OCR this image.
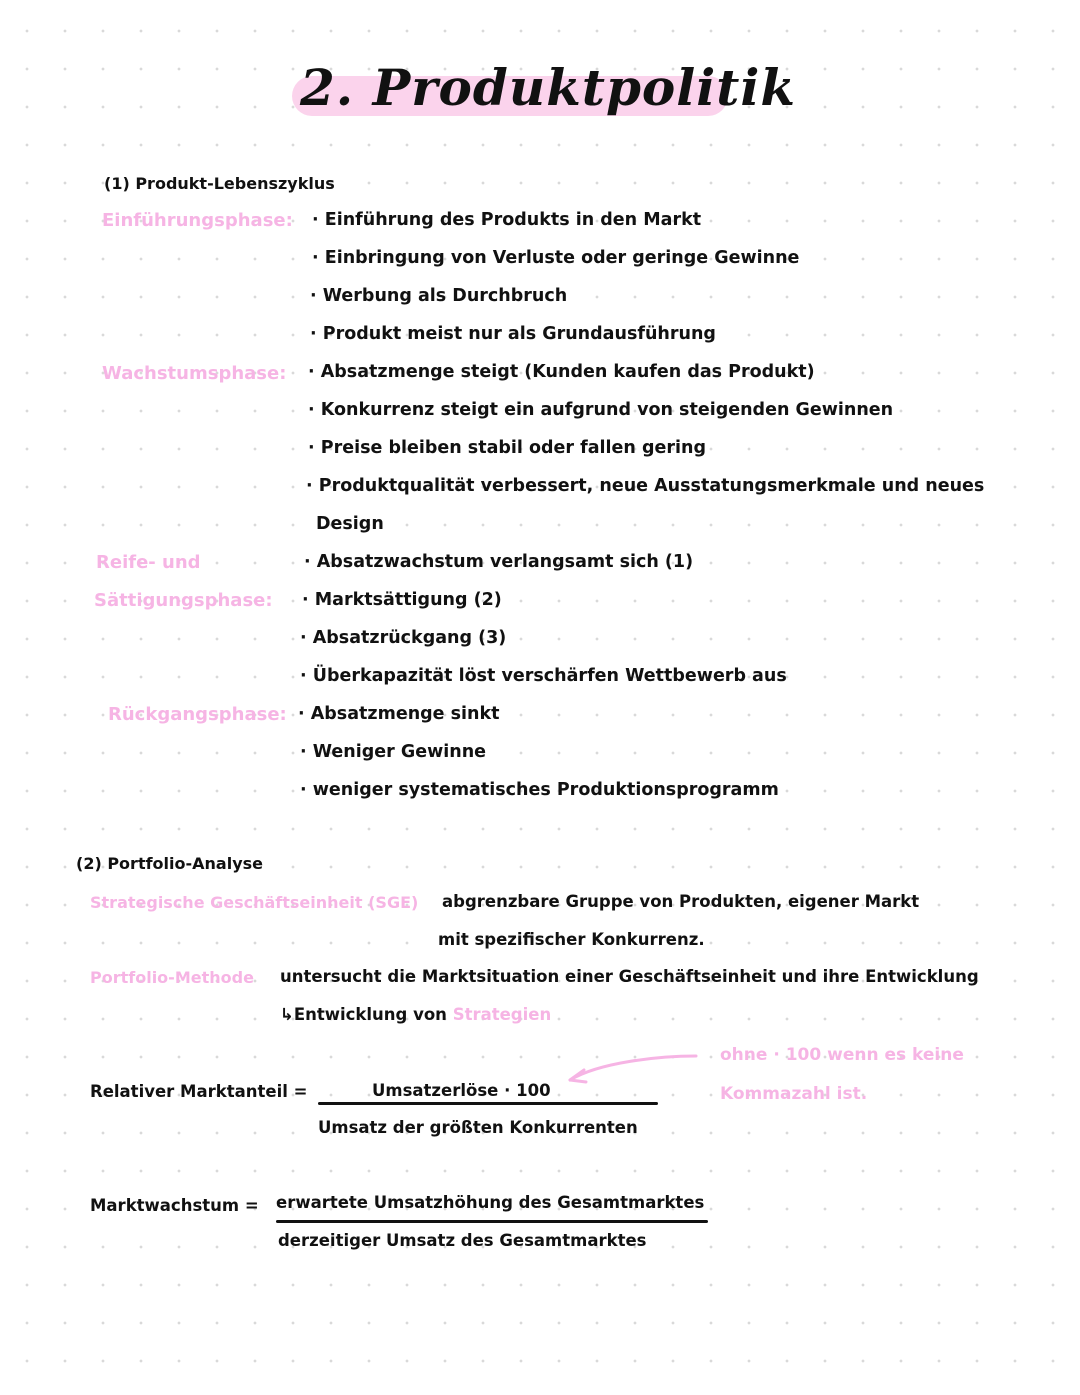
2. Produktpolitik
(1) Produkt-Lebenszyklus
Einführungsphase: · Einführung des Produkts in den Markt
· Einbringung von Verluste oder geringe Gewinne
· Werbung als Durchbruch
· Produkt meist nur als Grundausführung
Wachstumsphase: · Absatzmenge steigt (Kunden kaufen das Produkt)
· Konkurrenz steigt ein aufgrund von steigenden Gewinnen
· Preise bleiben stabil oder fallen gering
· Produktqualität verbessert, neue Ausstatungsmerkmale und neues
Design
Reife- und
Sättigungsphase:
· Absatzwachstum verlangsamt sich (1)
· Marktsättigung (2)
· Absatzrückgang (3)
· Überkapazität löst verschärfen Wettbewerb aus
Rückgangsphase: · Absatzmenge sinkt
· Weniger Gewinne
· weniger systematisches Produktionsprogramm
(2) Portfolio-Analyse
Strategische Geschäftseinheit (SGE) abgrenzbare Gruppe von Produkten, eigener Markt
mit spezifischer Konkurrenz.
Portfolio-Methode untersucht die Marktsituation einer Geschäftseinheit und ihre Entwicklung
↳Entwicklung von Strategien
Relativer Marktanteil =	Umsatzerlöse · 100
Umsatz der größten Konkurrenten
ohne · 100 wenn es keine
Kommazahl ist.
Marktwachstum = erwartete Umsatzhöhung des Gesamtmarktes
derzeitiger Umsatz des Gesamtmarktes
